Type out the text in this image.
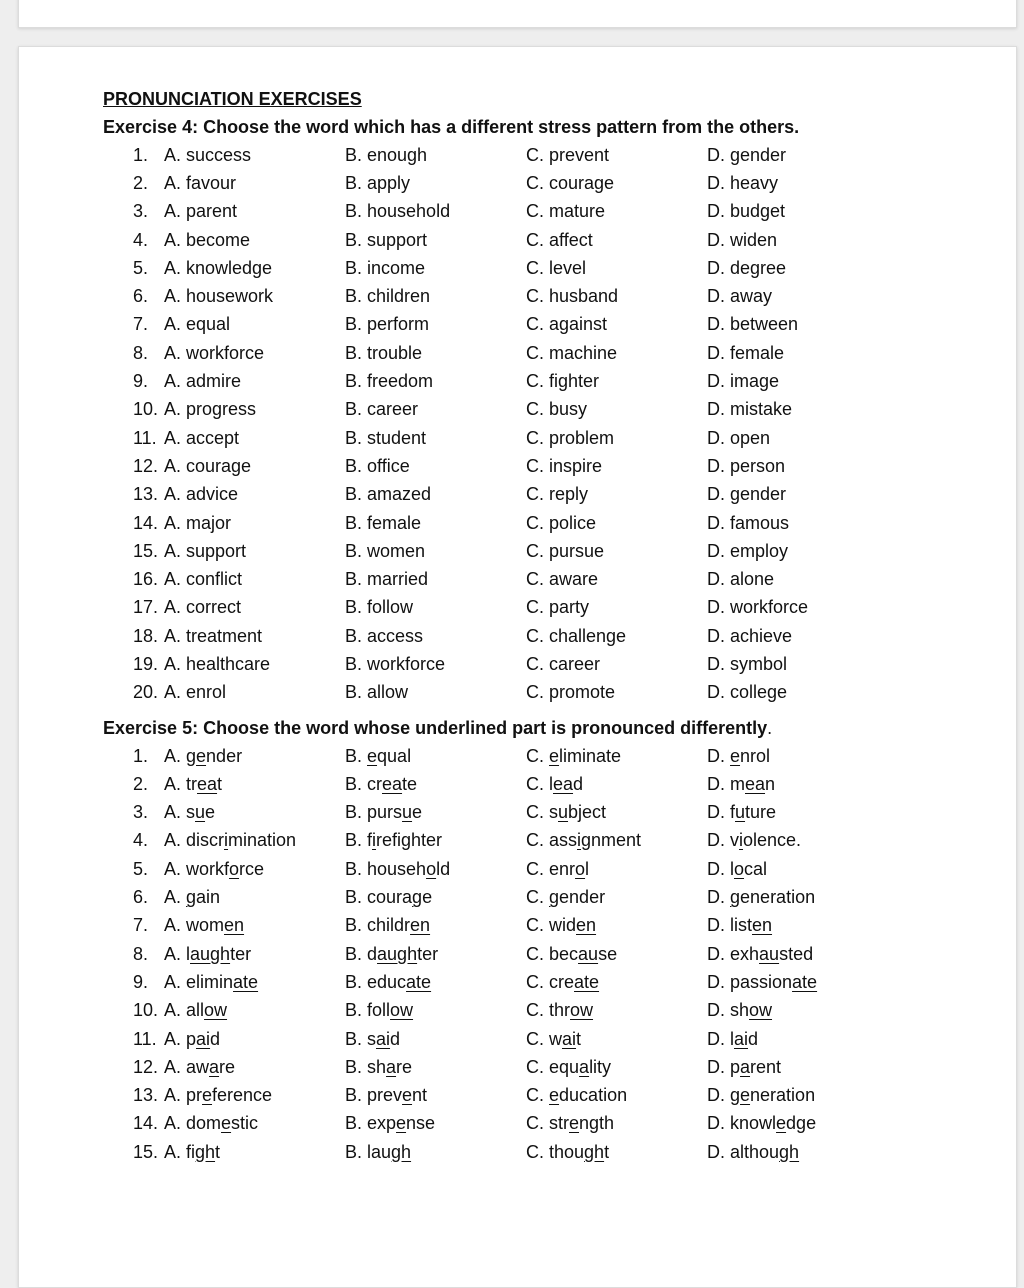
PRONUNCIATION EXERCISES
Exercise 4: Choose the word which has a different stress pattern from the others.
1. A. success	B. enough	C. prevent	D. gender
2. A. favour	B. apply	C. courage	D. heavy
3. A. parent	B. household	C. mature	D. budget
4. A. become	B. support	C. affect	D. widen
5. A. knowledge	B. income	C. level	D. degree
6. A. housework	B. children	C. husband	D. away
7. A. equal	B. perform	C. against	D. between
8. A. workforce	B. trouble	C. machine	D. female
9. A. admire	B. freedom	C. fighter	D. image
10. A. progress	B. career	C. busy	D. mistake
11. A. accept	B. student	C. problem	D. open
12. A. courage	B. office	C. inspire	D. person
13. A. advice	B. amazed	C. reply	D. gender
14. A. major	B. female	C. police	D. famous
15. A. support	B. women	C. pursue	D. employ
16. A. conflict	B. married	C. aware	D. alone
17. A. correct	B. follow	C. party	D. workforce
18. A. treatment	B. access	C. challenge	D. achieve
19. A. healthcare	B. workforce	C. career	D. symbol
20. A. enrol	B. allow	C. promote	D. college
Exercise 5: Choose the word whose underlined part is pronounced differently.
1. A. gender	B. equal	C. eliminate	D. enrol
2. A. treat	B. create	C. lead	D. mean
3. A. sue	B. pursue	C. subject	D. future
4. A. discrimination	B. firefighter	C. assignment	D. violence.
5. A. workforce	B. household	C. enrol	D. local
6. A. gain	B. courage	C. gender	D. generation
7. A. women	B. children	C. widen	D. listen
8. A. laughter	B. daughter	C. because	D. exhausted
9. A. eliminate	B. educate	C. create	D. passionate
10. A. allow	B. follow	C. throw	D. show
11. A. paid	B. said	C. wait	D. laid
12. A. aware	B. share	C. equality	D. parent
13. A. preference	B. prevent	C. education	D. generation
14. A. domestic	B. expense	C. strength	D. knowledge
15. A. fight	B. laugh	C. thought	D. although
